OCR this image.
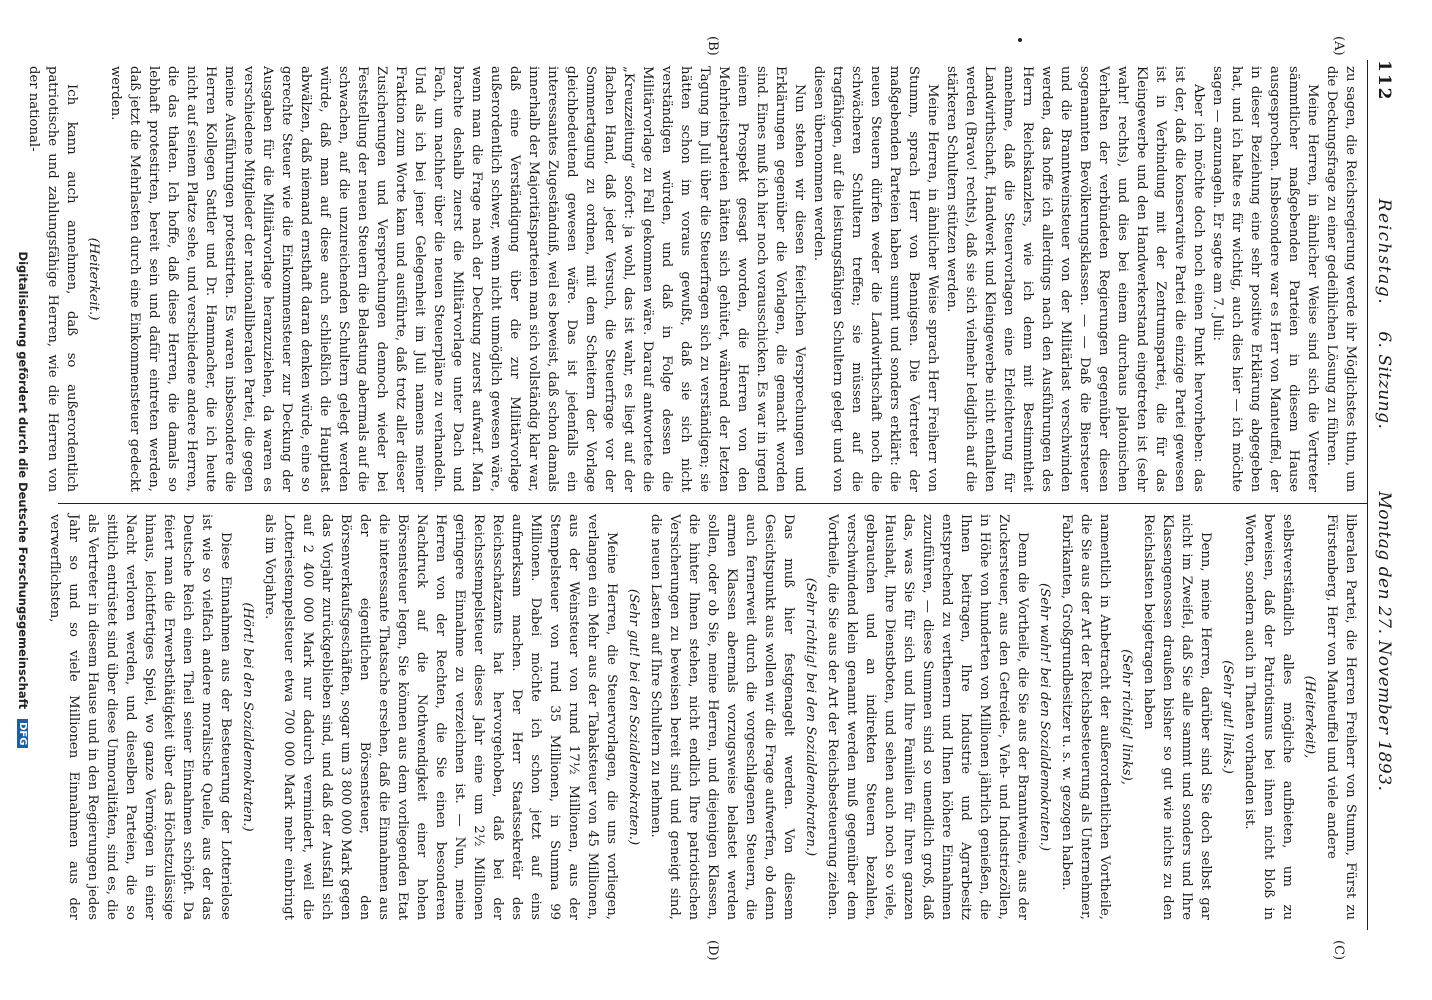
112
Reichstag. 6. Sitzung. Montag den 27. November 1893.
(A)
(B)
(C)
(D)

zu sagen, die Reichsregierung werde ihr Möglichstes thun, um die Deckungsfrage zu einer gedeihlichen Lösung zu führen.

Meine Herren, in ähnlicher Weise sind sich die Vertreter sämmtlicher maßgebenden Parteien in diesem Hause ausgesprochen. Insbesondere war es Herr von Manteuffel, der in dieser Beziehung eine sehr positive Erklärung abgegeben hat, und ich halte es für wichtig, auch dies hier — ich möchte sagen — anzunageln. Er sagte am 7. Juli:

Aber ich möchte doch noch einen Punkt hervorheben: das ist der, daß die konservative Partei die einzige Partei gewesen ist in Verbindung mit der Zentrumspartei, die für das Kleingewerbe und den Handwerkerstand eingetreten ist (sehr wahr! rechts), und dies bei einem durchaus platonischen Verhalten der verbündeten Regierungen gegenüber diesen sogenannten Bevölkerungsklassen. — — Daß die Biersteuer und die Branntweinsteuer von der Militärlast verschwinden werden, das hoffe ich allerdings nach den Ausführungen des Herrn Reichskanzlers, wie ich denn mit Bestimmtheit annehme, daß die Steuervorlagen eine Erleichterung für Landwirthschaft, Handwerk und Kleingewerbe nicht enthalten werden (Bravo! rechts), daß sie sich vielmehr lediglich auf die stärkeren Schultern stützen werden.

Meine Herren, in ähnlicher Weise sprach Herr Freiherr von Stumm, sprach Herr von Bennigsen. Die Vertreter der maßgebenden Parteien haben summt und sonders erklärt: die neuen Steuern dürfen weder die Landwirthschaft noch die schwächeren Schultern treffen; sie müssen auf die tragfähigen, auf die leistungsfähigen Schultern gelegt und von diesen übernommen werden.

Nun stehen wir diesen feierlichen Versprechungen und Erklärungen gegenüber die Vorlagen, die gemacht worden sind. Eines muß ich hier noch vorausschicken. Es war in irgend einem Prospekt gesagt worden, die Herren von den Mehrheitsparteien hätten sich gehütet, während der letzten Tagung im Juli über die Steuerfragen sich zu verständigen; sie hätten schon im voraus gewußt, daß sie sich nicht verständigen würden, und daß in Folge dessen die Militärvorlage zu Fall gekommen wäre. Darauf antwortete die „Kreuzzeitung“ sofort: ja wohl, das ist wahr, es liegt auf der flachen Hand, daß jeder Versuch, die Steuerfrage vor der Sommertagung zu ordnen, mit dem Scheitern der Vorlage gleichbedeutend gewesen wäre. Das ist jedenfalls ein interessantes Zugeständniß, weil es beweist, daß schon damals innerhalb der Majoritätsparteien man sich vollständig klar war, daß eine Verständigung über die zur Militärvorlage außerordentlich schwer, wenn nicht unmöglich gewesen wäre, wenn man die Frage nach der Deckung zuerst aufwarf. Man brachte deshalb zuerst die Militärvorlage unter Dach und Fach, um nachher über die neuen Steuerpläne zu verhandeln. Und als ich bei jener Gelegenheit im Juli namens meiner Fraktion zum Worte kam und ausführte, daß trotz aller dieser Zusicherungen und Versprechungen dennoch wieder bei Feststellung der neuen Steuern die Belastung abermals auf die schwachen, auf die unzureichenden Schultern gelegt werden würde, daß man auf diese auch schließlich die Hauptlast abwälzen, daß niemand ernsthaft daran denken würde, eine so gerechte Steuer wie die Einkommensteuer zur Deckung der Ausgaben für die Militärvorlage heranzuziehen, da waren es verschiedene Mitglieder der nationalliberalen Partei, die gegen meine Ausführungen protestirten. Es waren insbesondere die Herren Kollegen Sattler und Dr. Hammacher, die ich heute nicht auf seinem Platze sehe, und verschiedene andere Herren, die das thaten. Ich hoffe, daß diese Herren, die damals so lebhaft protestirten, bereit sein und dafür eintreten werden, daß jetzt die Mehrlasten durch eine Einkommensteuer gedeckt werden.

(Heiterkeit.)

Ich kann auch annehmen, daß so außerordentlich patriotische und zahlungsfähige Herren, wie die Herren von der national-

liberalen Partei, die Herren Freiherr von Stumm, Fürst zu Fürstenberg, Herr von Manteuffel und viele andere

(Heiterkeit),

selbstverständlich alles mögliche aufbieten, um zu beweisen, daß der Patriotismus bei ihnen nicht bloß in Worten, sondern auch in Thaten vorhanden ist.

(Sehr gut! links.)

Denn, meine Herren, darüber sind Sie doch selbst gar nicht im Zweifel, daß Sie alle sammt und sonders und Ihre Klassengenossen draußen bisher so gut wie nichts zu den Reichslasten beigetragen haben

(Sehr richtig! links),

namentlich in Anbetracht der außerordentlichen Vortheile, die Sie aus der Art der Reichsbesteuerung als Unternehmer, Fabrikanten, Großgrundbesitzer u. s. w. gezogen haben.

(Sehr wahr! bei den Sozialdemokraten.)

Denn die Vortheile, die Sie aus der Branntweine, aus der Zuckersteuer, aus den Getreide-, Vieh- und Industriezöllen, in Höhe von hunderten von Millionen jährlich genießen, die Ihnen beitragen, Ihre Industrie und Agrarbesitz entsprechend zu verthenern und Ihnen höhere Einnahmen zuzuführen, — diese Summen sind so unendlich groß, daß das, was Sie für sich und Ihre Familien für Ihren ganzen Haushalt, Ihre Dienstboten, und sehen auch noch so viele, gebrauchen und an indirekten Steuern bezahlen, verschwindend klein genannt werden muß gegenüber dem Vortheile, die Sie aus der Art der Reichsbesteuerung ziehen.

(Sehr richtig! bei den Sozialdemokraten.)

Das muß hier festgenagelt werden. Von diesem Gesichtspunkt aus wollen wir die Frage aufwerfen, ob denn auch fernerweit durch die vorgeschlagenen Steuern, die armen Klassen abermals vorzugsweise belastet werden sollen, oder ob Sie, meine Herren, und diejenigen Klassen, die hinter Ihnen stehen, nicht endlich Ihre patriotischen Versicherungen zu beweisen bereit sind und geneigt sind, die neuen Lasten auf Ihre Schultern zu nehmen.

(Sehr gut! bei den Sozialdemokraten.)

Meine Herren, die Steuervorlagen, die uns vorliegen, verlangen ein Mehr aus der Tabaksteuer von 45 Millionen, aus der Weinsteuer von rund 17½ Millionen, aus der Stempelsteuer von rund 35 Millionen, in Summa 99 Millionen. Dabei möchte ich schon jetzt auf eins aufmerksam machen. Der Herr Staatssekretär des Reichsschatzamts hat hervorgehoben, daß bei der Reichsstempelsteuer dieses Jahr eine um 2½ Millionen geringere Einnahme zu verzeichnen ist. — Nun, meine Herren von der Rechten, die Sie einen besonderen Nachdruck auf die Nothwendigkeit einer hohen Börsensteuer legen, Sie können aus dem vorliegenden Etat die interessante Thatsache ersehen, daß die Einnahmen aus der eigentlichen Börsensteuer, den Börsenverkaufsgeschäften, sogar um 3 800 000 Mark gegen das Vorjahr zurückgeblieben sind, und daß der Ausfall sich auf 2 400 000 Mark nur dadurch vermindert, weil die Lotteriestempelsteuer etwa 700 000 Mark mehr einbringt als im Vorjahre.

(Hört! bei den Sozialdemokraten.)

Diese Einnahmen aus der Besteuerung der Lotterielose ist wie so vielfach andere moralische Quelle, aus der das Deutsche Reich einen Theil seiner Einnahmen schöpft. Da feiert man die Erwerbsthätigkeit über das Höchstzulässige hinaus, leichtfertiges Spiel, wo ganze Vermögen in einer Nacht verloren werden, und dieselben Parteien, die so sittlich entrüstet sind über diese Unmoralitäten, sind es, die als Vertreter in diesem Hause und in den Regierungen jedes Jahr so und so viele Millionen Einnahmen aus der verwerflichsten,

Digitalisierung gefördert durch die Deutsche Forschungsgemeinschaft DFG
